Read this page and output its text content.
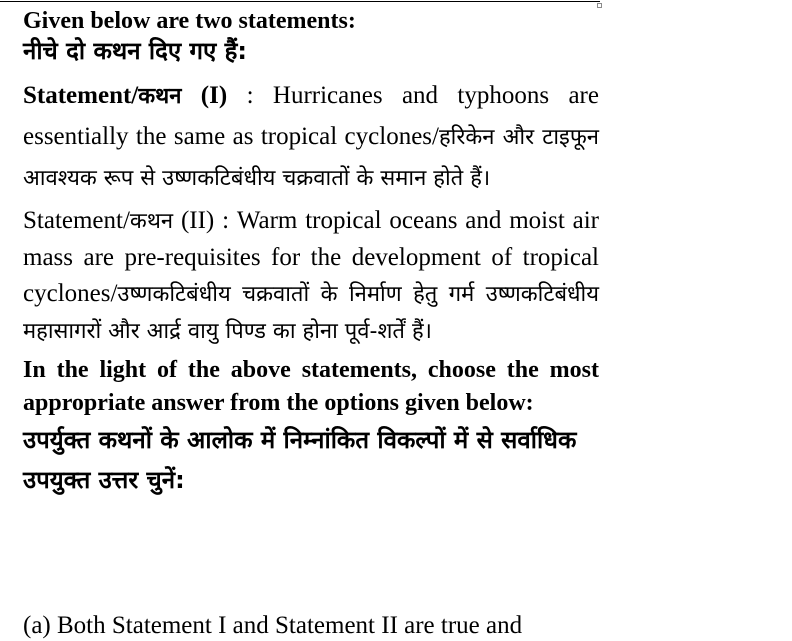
Given below are two statements:

नीचे दो कथन दिए गए हैं:

Statement/कथन (I) : Hurricanes and typhoons are essentially the same as tropical cyclones/हरिकेन और टाइफून आवश्यक रूप से उष्णकटिबंधीय चक्रवातों के समान होते हैं।

Statement/कथन (II) : Warm tropical oceans and moist air mass are pre-requisites for the development of tropical cyclones/उष्णकटिबंधीय चक्रवातों के निर्माण हेतु गर्म उष्णकटिबंधीय महासागरों और आर्द्र वायु पिण्ड का होना पूर्व-शर्तें हैं।

In the light of the above statements, choose the most appropriate answer from the options given below:

उपर्युक्त कथनों के आलोक में निम्नांकित विकल्पों में से सर्वाधिक उपयुक्त उत्तर चुनें:

(a) Both Statement I and Statement II are true and
